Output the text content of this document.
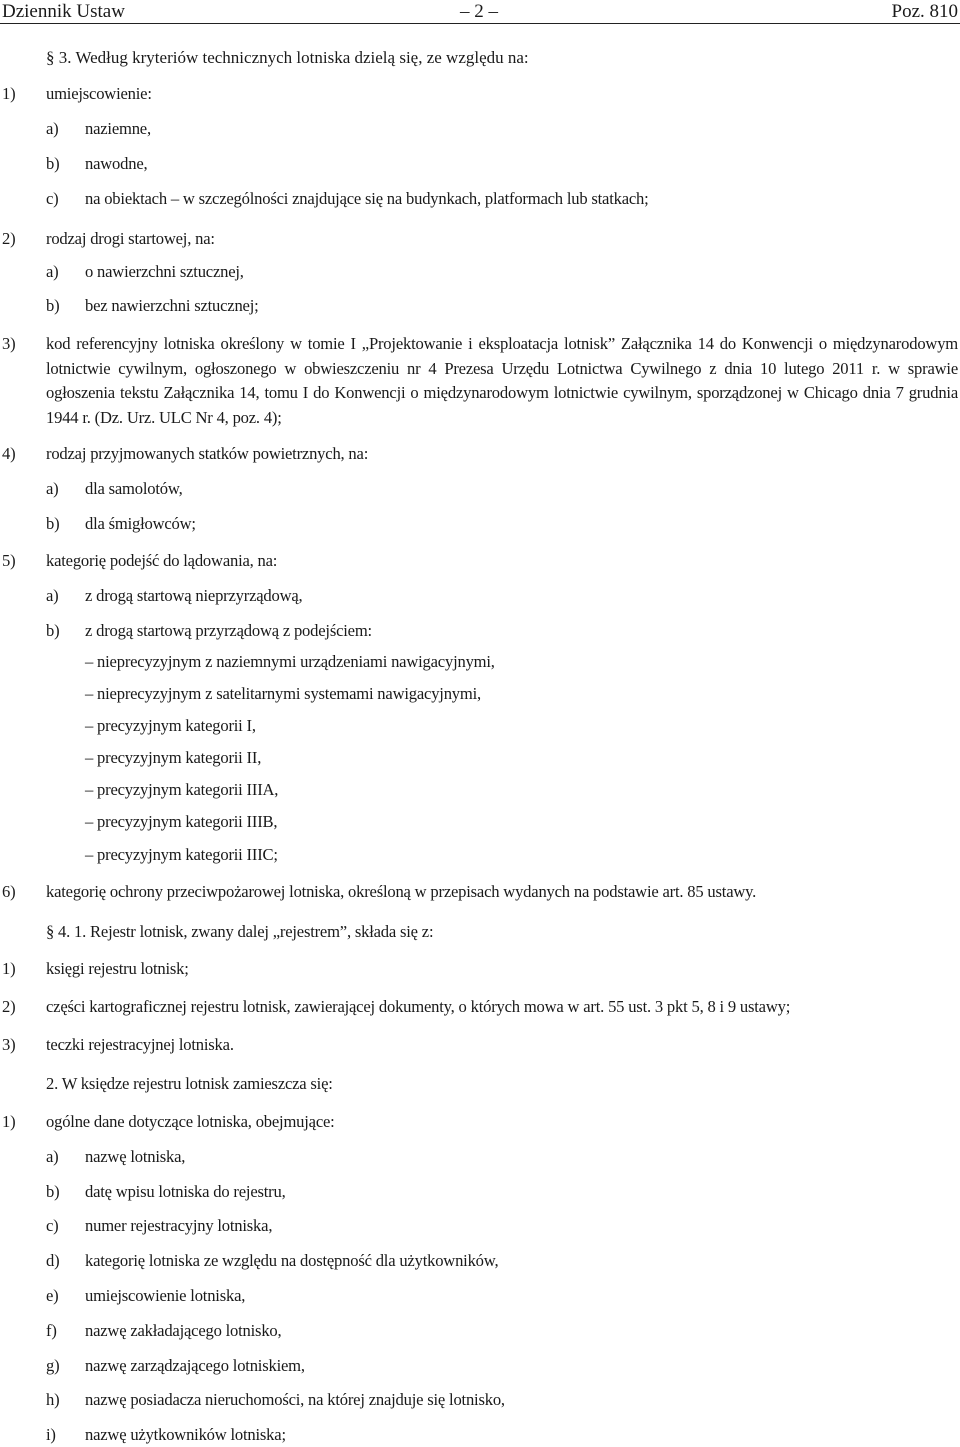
Dziennik Ustaw	– 2 –	Poz. 810
§ 3. Według kryteriów technicznych lotniska dzielą się, ze względu na:
1) umiejscowienie:
a) naziemne,
b) nawodne,
c) na obiektach – w szczególności znajdujące się na budynkach, platformach lub statkach;
2) rodzaj drogi startowej, na:
a) o nawierzchni sztucznej,
b) bez nawierzchni sztucznej;
3) kod referencyjny lotniska określony w tomie I „Projektowanie i eksploatacja lotnisk” Załącznika 14 do Konwencji o międzynarodowym lotnictwie cywilnym, ogłoszonego w obwieszczeniu nr 4 Prezesa Urzędu Lotnictwa Cywilnego z dnia 10 lutego 2011 r. w sprawie ogłoszenia tekstu Załącznika 14, tomu I do Konwencji o międzynarodowym lotnictwie cywilnym, sporządzonej w Chicago dnia 7 grudnia 1944 r. (Dz. Urz. ULC Nr 4, poz. 4);
4) rodzaj przyjmowanych statków powietrznych, na:
a) dla samolotów,
b) dla śmigłowców;
5) kategorię podejść do lądowania, na:
a) z drogą startową nieprzyrządową,
b) z drogą startową przyrządową z podejściem:
– nieprecyzyjnym z naziemnymi urządzeniami nawigacyjnymi,
– nieprecyzyjnym z satelitarnymi systemami nawigacyjnymi,
– precyzyjnym kategorii I,
– precyzyjnym kategorii II,
– precyzyjnym kategorii IIIA,
– precyzyjnym kategorii IIIB,
– precyzyjnym kategorii IIIC;
6) kategorię ochrony przeciwpożarowej lotniska, określoną w przepisach wydanych na podstawie art. 85 ustawy.
§ 4. 1. Rejestr lotnisk, zwany dalej „rejestrem”, składa się z:
1) księgi rejestru lotnisk;
2) części kartograficznej rejestru lotnisk, zawierającej dokumenty, o których mowa w art. 55 ust. 3 pkt 5, 8 i 9 ustawy;
3) teczki rejestracyjnej lotniska.
2. W księdze rejestru lotnisk zamieszcza się:
1) ogólne dane dotyczące lotniska, obejmujące:
a) nazwę lotniska,
b) datę wpisu lotniska do rejestru,
c) numer rejestracyjny lotniska,
d) kategorię lotniska ze względu na dostępność dla użytkowników,
e) umiejscowienie lotniska,
f) nazwę zakładającego lotnisko,
g) nazwę zarządzającego lotniskiem,
h) nazwę posiadacza nieruchomości, na której znajduje się lotnisko,
i) nazwę użytkowników lotniska;
